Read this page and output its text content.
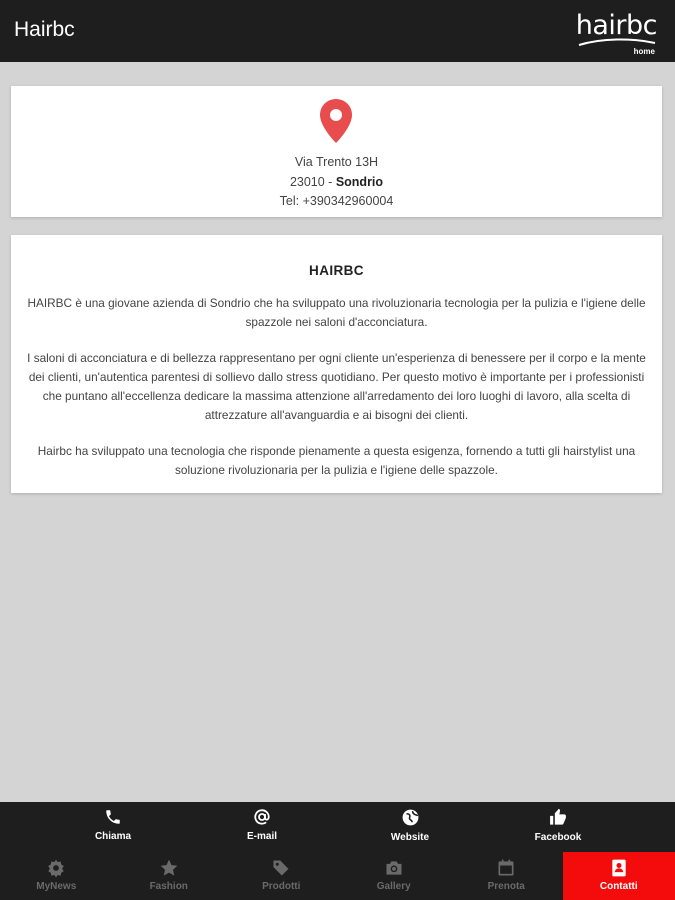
Hairbc	hairbc
home
Via Trento 13H
23010 - Sondrio
Tel: +390342960004
HAIRBC

HAIRBC è una giovane azienda di Sondrio che ha sviluppato una rivoluzionaria tecnologia per la pulizia e l'igiene delle spazzole nei saloni d'acconciatura.

I saloni di acconciatura e di bellezza rappresentano per ogni cliente un'esperienza di benessere per il corpo e la mente dei clienti, un'autentica parentesi di sollievo dallo stress quotidiano. Per questo motivo è importante per i professionisti che puntano all'eccellenza dedicare la massima attenzione all'arredamento dei loro luoghi di lavoro, alla scelta di attrezzature all'avanguardia e ai bisogni dei clienti.

Hairbc ha sviluppato una tecnologia che risponde pienamente a questa esigenza, fornendo a tutti gli hairstylist una soluzione rivoluzionaria per la pulizia e l'igiene delle spazzole.

Chiama	E-mail	Website	Facebook
MyNews	Fashion	Prodotti	Gallery	Prenota	Contatti
